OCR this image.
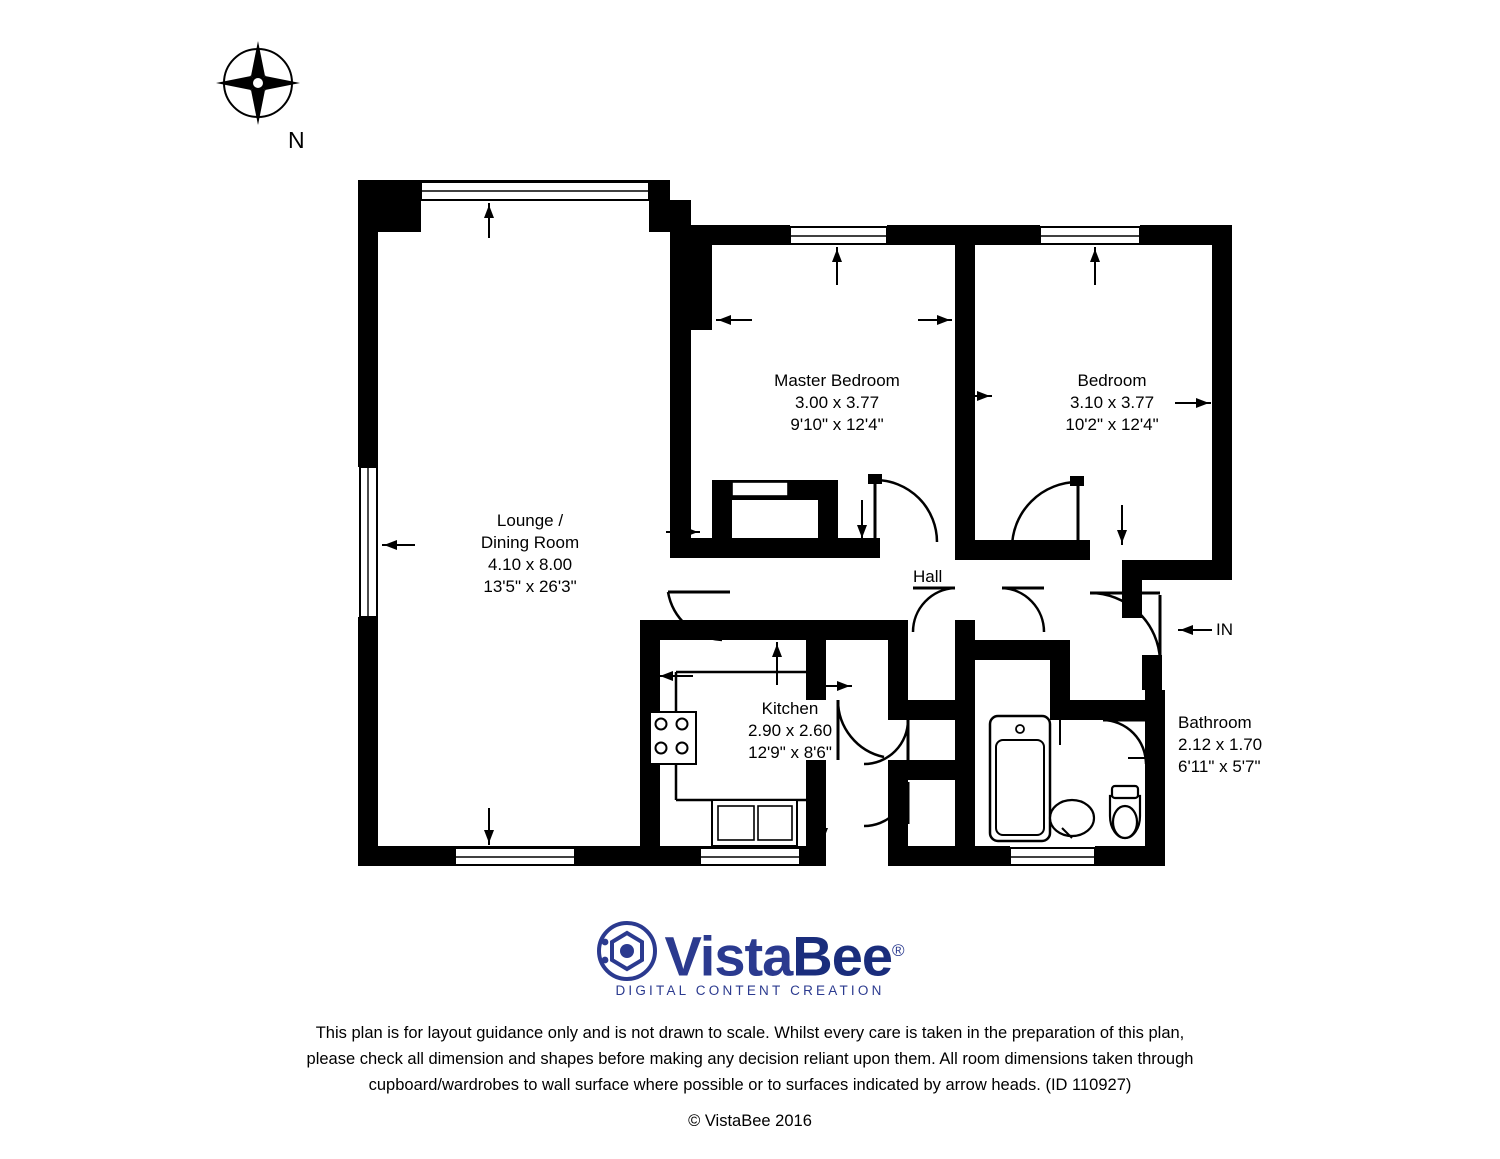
N
Lounge /
Dining Room
4.10 x 8.00
13'5" x 26'3"
Master Bedroom
3.00 x 3.77
9'10" x 12'4"
Bedroom
3.10 x 3.77
10'2" x 12'4"
Kitchen
2.90 x 2.60
12'9" x 8'6"
Bathroom
2.12 x 1.70
6'11" x 5'7"
Hall
IN
VistaBee®
DIGITAL CONTENT CREATION
This plan is for layout guidance only and is not drawn to scale. Whilst every care is taken in the preparation of this plan,
please check all dimension and shapes before making any decision reliant upon them. All room dimensions taken through
cupboard/wardrobes to wall surface where possible or to surfaces indicated by arrow heads. (ID 110927)
© VistaBee 2016
